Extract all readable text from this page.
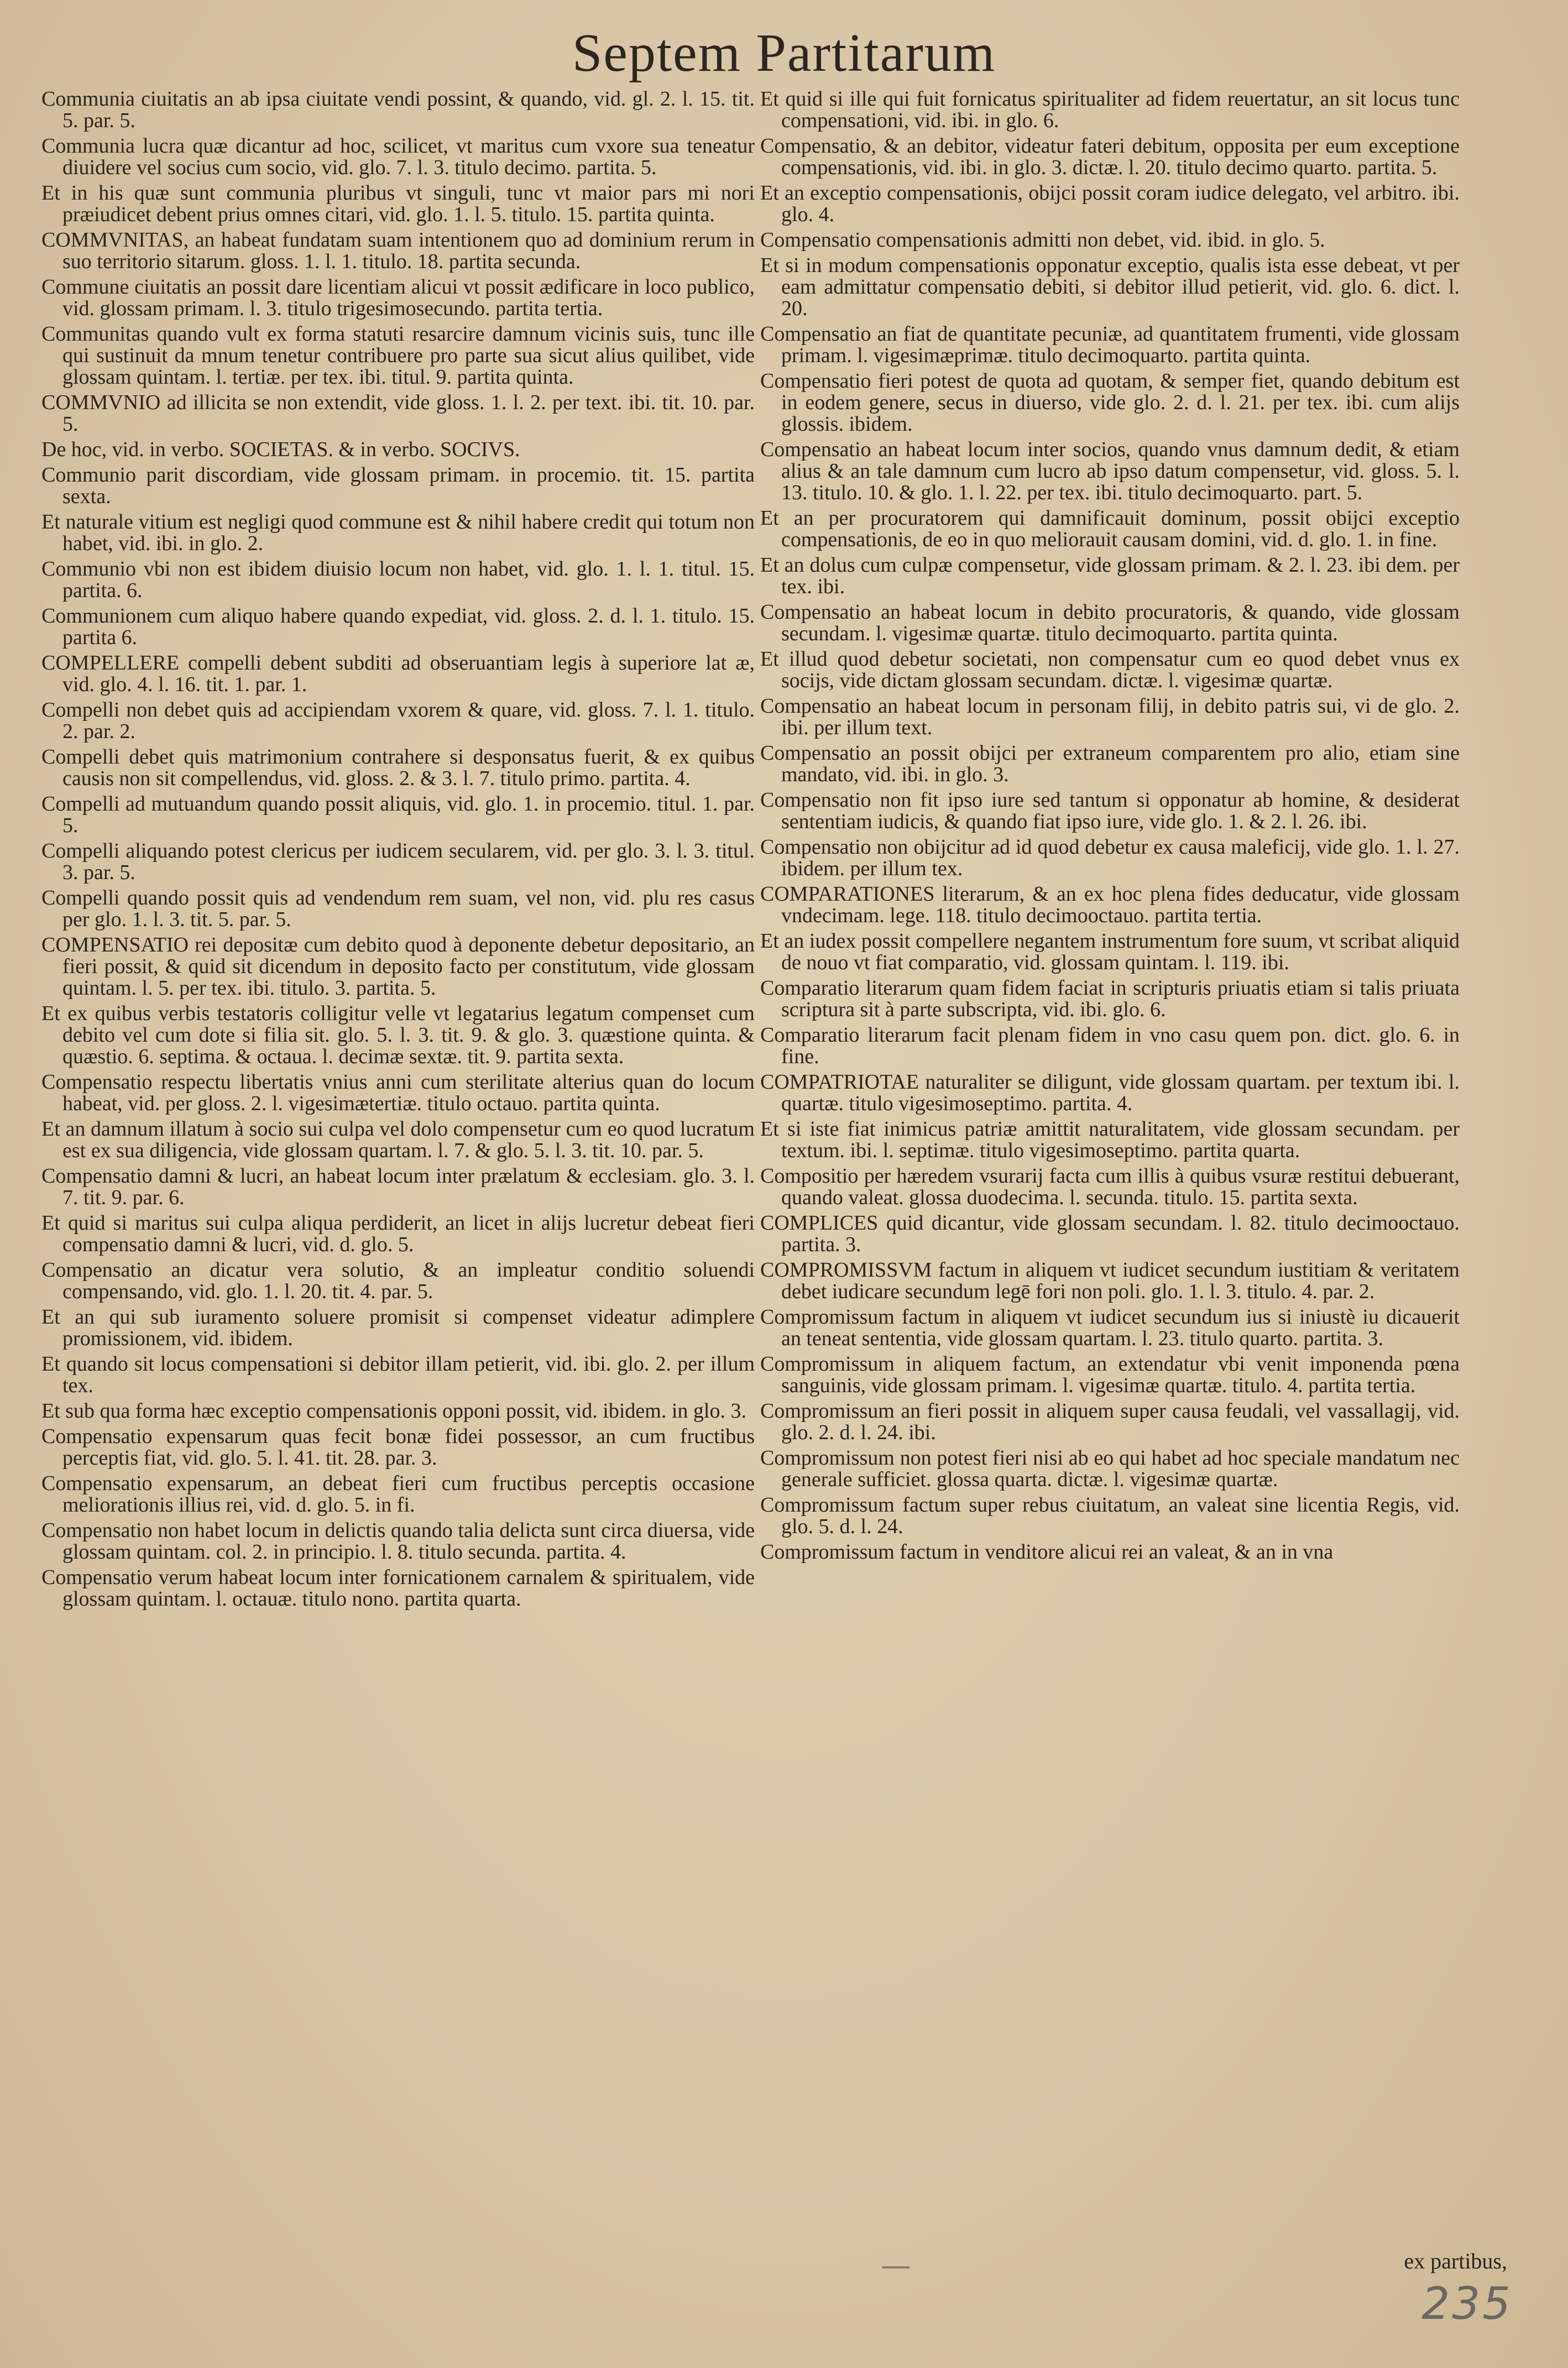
Septem Partitarum

Communia ciuitatis an ab ipsa ciuitate vendi possint, & quando, vid. gl. 2. l. 15. tit. 5. par. 5.

Communia lucra quæ dicantur ad hoc, scilicet, vt maritus cum vxore sua teneatur diuidere vel socius cum socio, vid. glo. 7. l. 3. titulo decimo. partita. 5.

Et in his quæ sunt communia pluribus vt singuli, tunc vt maior pars mi nori præiudicet debent prius omnes citari, vid. glo. 1. l. 5. titulo. 15. partita quinta.

COMMVNITAS, an habeat fundatam suam intentionem quo ad dominium rerum in suo territorio sitarum. gloss. 1. l. 1. titulo. 18. partita secunda.

Commune ciuitatis an possit dare licentiam alicui vt possit ædificare in loco publico, vid. glossam primam. l. 3. titulo trigesimosecundo. partita tertia.

Communitas quando vult ex forma statuti resarcire damnum vicinis suis, tunc ille qui sustinuit da mnum tenetur contribuere pro parte sua sicut alius quilibet, vide glossam quintam. l. tertiæ. per tex. ibi. titul. 9. partita quinta.

COMMVNIO ad illicita se non extendit, vide gloss. 1. l. 2. per text. ibi. tit. 10. par. 5.

De hoc, vid. in verbo. SOCIETAS. & in verbo. SOCIVS.

Communio parit discordiam, vide glossam primam. in procemio. tit. 15. partita sexta.

Et naturale vitium est negligi quod commune est & nihil habere credit qui totum non habet, vid. ibi. in glo. 2.

Communio vbi non est ibidem diuisio locum non habet, vid. glo. 1. l. 1. titul. 15. partita. 6.

Communionem cum aliquo habere quando expediat, vid. gloss. 2. d. l. 1. titulo. 15. partita 6.

COMPELLERE compelli debent subditi ad obseruantiam legis à superiore lat æ, vid. glo. 4. l. 16. tit. 1. par. 1.

Compelli non debet quis ad accipiendam vxorem & quare, vid. gloss. 7. l. 1. titulo. 2. par. 2.

Compelli debet quis matrimonium contrahere si desponsatus fuerit, & ex quibus causis non sit compellendus, vid. gloss. 2. & 3. l. 7. titulo primo. partita. 4.

Compelli ad mutuandum quando possit aliquis, vid. glo. 1. in procemio. titul. 1. par. 5.

Compelli aliquando potest clericus per iudicem secularem, vid. per glo. 3. l. 3. titul. 3. par. 5.

Compelli quando possit quis ad vendendum rem suam, vel non, vid. plu res casus per glo. 1. l. 3. tit. 5. par. 5.

COMPENSATIO rei depositæ cum debito quod à deponente debetur depositario, an fieri possit, & quid sit dicendum in deposito facto per constitutum, vide glossam quintam. l. 5. per tex. ibi. titulo. 3. partita. 5.

Et ex quibus verbis testatoris colligitur velle vt legatarius legatum compenset cum debito vel cum dote si filia sit. glo. 5. l. 3. tit. 9. & glo. 3. quæstione quinta. & quæstio. 6. septima. & octaua. l. decimæ sextæ. tit. 9. partita sexta.

Compensatio respectu libertatis vnius anni cum sterilitate alterius quan do locum habeat, vid. per gloss. 2. l. vigesimætertiæ. titulo octauo. partita quinta.

Et an damnum illatum à socio sui culpa vel dolo compensetur cum eo quod lucratum est ex sua diligencia, vide glossam quartam. l. 7. & glo. 5. l. 3. tit. 10. par. 5.

Compensatio damni & lucri, an habeat locum inter prælatum & ecclesiam. glo. 3. l. 7. tit. 9. par. 6.

Et quid si maritus sui culpa aliqua perdiderit, an licet in alijs lucretur debeat fieri compensatio damni & lucri, vid. d. glo. 5.

Compensatio an dicatur vera solutio, & an impleatur conditio soluendi compensando, vid. glo. 1. l. 20. tit. 4. par. 5.

Et an qui sub iuramento soluere promisit si compenset videatur adimplere promissionem, vid. ibidem.

Et quando sit locus compensationi si debitor illam petierit, vid. ibi. glo. 2. per illum tex.

Et sub qua forma hæc exceptio compensationis opponi possit, vid. ibidem. in glo. 3.

Compensatio expensarum quas fecit bonæ fidei possessor, an cum fructibus perceptis fiat, vid. glo. 5. l. 41. tit. 28. par. 3.

Compensatio expensarum, an debeat fieri cum fructibus perceptis occasione meliorationis illius rei, vid. d. glo. 5. in fi.

Compensatio non habet locum in delictis quando talia delicta sunt circa diuersa, vide glossam quintam. col. 2. in principio. l. 8. titulo secunda. partita. 4.

Compensatio verum habeat locum inter fornicationem carnalem & spiritualem, vide glossam quintam. l. octauæ. titulo nono. partita quarta.

Et quid si ille qui fuit fornicatus spiritualiter ad fidem reuertatur, an sit locus tunc compensationi, vid. ibi. in glo. 6.

Compensatio, & an debitor, videatur fateri debitum, opposita per eum exceptione compensationis, vid. ibi. in glo. 3. dictæ. l. 20. titulo decimo quarto. partita. 5.

Et an exceptio compensationis, obijci possit coram iudice delegato, vel arbitro. ibi. glo. 4.

Compensatio compensationis admitti non debet, vid. ibid. in glo. 5.

Et si in modum compensationis opponatur exceptio, qualis ista esse debeat, vt per eam admittatur compensatio debiti, si debitor illud petierit, vid. glo. 6. dict. l. 20.

Compensatio an fiat de quantitate pecuniæ, ad quantitatem frumenti, vide glossam primam. l. vigesimæprimæ. titulo decimoquarto. partita quinta.

Compensatio fieri potest de quota ad quotam, & semper fiet, quando debitum est in eodem genere, secus in diuerso, vide glo. 2. d. l. 21. per tex. ibi. cum alijs glossis. ibidem.

Compensatio an habeat locum inter socios, quando vnus damnum dedit, & etiam alius & an tale damnum cum lucro ab ipso datum compensetur, vid. gloss. 5. l. 13. titulo. 10. & glo. 1. l. 22. per tex. ibi. titulo decimoquarto. part. 5.

Et an per procuratorem qui damnificauit dominum, possit obijci exceptio compensationis, de eo in quo meliorauit causam domini, vid. d. glo. 1. in fine.

Et an dolus cum culpæ compensetur, vide glossam primam. & 2. l. 23. ibi dem. per tex. ibi.

Compensatio an habeat locum in debito procuratoris, & quando, vide glossam secundam. l. vigesimæ quartæ. titulo decimoquarto. partita quinta.

Et illud quod debetur societati, non compensatur cum eo quod debet vnus ex socijs, vide dictam glossam secundam. dictæ. l. vigesimæ quartæ.

Compensatio an habeat locum in personam filij, in debito patris sui, vi de glo. 2. ibi. per illum text.

Compensatio an possit obijci per extraneum comparentem pro alio, etiam sine mandato, vid. ibi. in glo. 3.

Compensatio non fit ipso iure sed tantum si opponatur ab homine, & desiderat sententiam iudicis, & quando fiat ipso iure, vide glo. 1. & 2. l. 26. ibi.

Compensatio non obijcitur ad id quod debetur ex causa maleficij, vide glo. 1. l. 27. ibidem. per illum tex.

COMPARATIONES literarum, & an ex hoc plena fides deducatur, vide glossam vndecimam. lege. 118. titulo decimooctauo. partita tertia.

Et an iudex possit compellere negantem instrumentum fore suum, vt scribat aliquid de nouo vt fiat comparatio, vid. glossam quintam. l. 119. ibi.

Comparatio literarum quam fidem faciat in scripturis priuatis etiam si talis priuata scriptura sit à parte subscripta, vid. ibi. glo. 6.

Comparatio literarum facit plenam fidem in vno casu quem pon. dict. glo. 6. in fine.

COMPATRIOTAE naturaliter se diligunt, vide glossam quartam. per textum ibi. l. quartæ. titulo vigesimoseptimo. partita. 4.

Et si iste fiat inimicus patriæ amittit naturalitatem, vide glossam secundam. per textum. ibi. l. septimæ. titulo vigesimoseptimo. partita quarta.

Compositio per hæredem vsurarij facta cum illis à quibus vsuræ restitui debuerant, quando valeat. glossa duodecima. l. secunda. titulo. 15. partita sexta.

COMPLICES quid dicantur, vide glossam secundam. l. 82. titulo decimooctauo. partita. 3.

COMPROMISSVM factum in aliquem vt iudicet secundum iustitiam & veritatem debet iudicare secundum legē fori non poli. glo. 1. l. 3. titulo. 4. par. 2.

Compromissum factum in aliquem vt iudicet secundum ius si iniustè iu dicauerit an teneat sententia, vide glossam quartam. l. 23. titulo quarto. partita. 3.

Compromissum in aliquem factum, an extendatur vbi venit imponenda pœna sanguinis, vide glossam primam. l. vigesimæ quartæ. titulo. 4. partita tertia.

Compromissum an fieri possit in aliquem super causa feudali, vel vassallagij, vid. glo. 2. d. l. 24. ibi.

Compromissum non potest fieri nisi ab eo qui habet ad hoc speciale mandatum nec generale sufficiet. glossa quarta. dictæ. l. vigesimæ quartæ.

Compromissum factum super rebus ciuitatum, an valeat sine licentia Regis, vid. glo. 5. d. l. 24.

Compromissum factum in venditore alicui rei an valeat, & an in vna

ex partibus,
235
